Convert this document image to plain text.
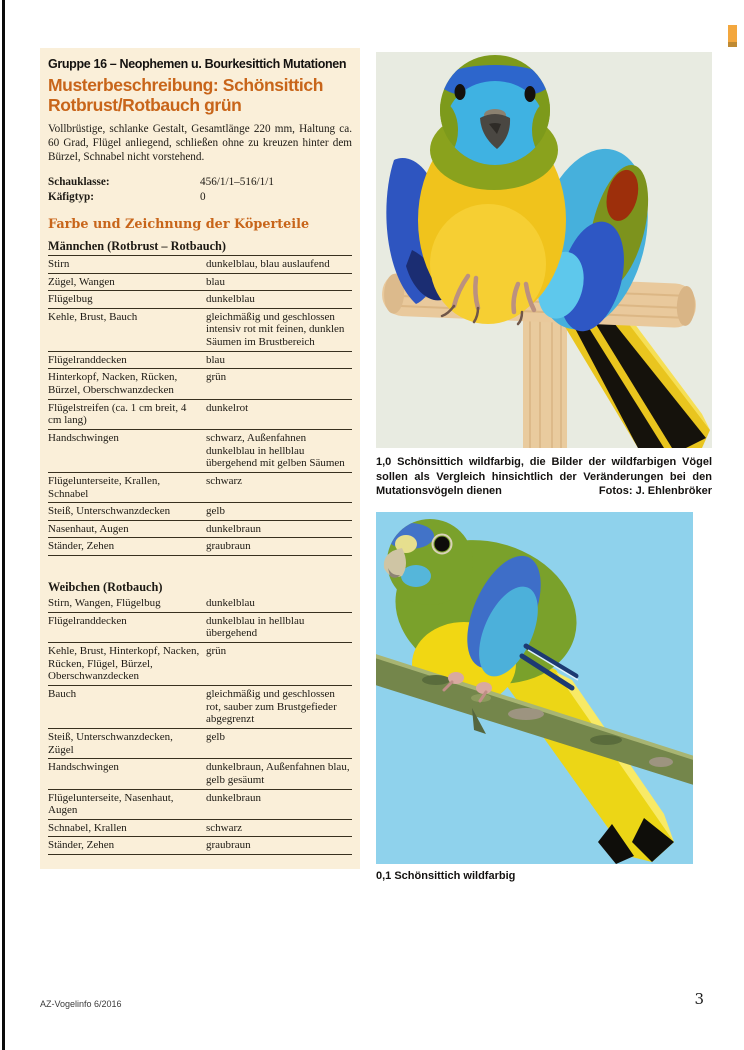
Gruppe 16 – Neophemen u. Bourkesittich Mutationen
Musterbeschreibung: Schönsittich
Rotbrust/Rotbauch grün

Vollbrüstige, schlanke Gestalt, Gesamtlänge 220 mm, Haltung ca. 60 Grad, Flügel anliegend, schließen ohne zu kreuzen hinter dem Bürzel, Schnabel nicht vorstehend.

Schauklasse:	456/1/1–516/1/1
Käfigtyp:	0
Farbe und Zeichnung der Köperteile
Männchen (Rotbrust – Rotbauch)	
Stirn	dunkelblau, blau auslaufend
Zügel, Wangen	blau
Flügelbug	dunkelblau
Kehle, Brust, Bauch	gleichmäßig und geschlossen intensiv rot mit feinen, dunklen Säumen im Brustbereich
Flügelranddecken	blau
Hinterkopf, Nacken, Rücken, Bürzel, Oberschwanzdecken	grün
Flügelstreifen (ca. 1 cm breit, 4 cm lang)	dunkelrot
Handschwingen	schwarz, Außenfahnen dunkelblau in hellblau übergehend mit gelben Säumen
Flügelunterseite, Krallen, Schnabel	schwarz
Steiß, Unterschwanzdecken	gelb
Nasenhaut, Augen	dunkelbraun
Ständer, Zehen	graubraun
Weibchen (Rotbauch)	
Stirn, Wangen, Flügelbug	dunkelblau
Flügelranddecken	dunkelblau in hellblau übergehend
Kehle, Brust, Hinterkopf, Nacken, Rücken, Flügel, Bürzel, Oberschwanzdecken	grün
Bauch	gleichmäßig und geschlossen rot, sauber zum Brustgefieder abgegrenzt
Steiß, Unterschwanzdecken, Zügel	gelb
Handschwingen	dunkelbraun, Außenfahnen blau, gelb gesäumt
Flügelunterseite, Nasenhaut, Augen	dunkelbraun
Schnabel, Krallen	schwarz
Ständer, Zehen	graubraun
1,0 Schönsittich wildfarbig, die Bilder der wildfarbigen Vögel sollen als Vergleich hinsichtlich der Veränderungen bei den Mutationsvögeln dienen	Fotos: J. Ehlenbröker
0,1 Schönsittich wildfarbig
AZ-Vogelinfo 6/2016	3
